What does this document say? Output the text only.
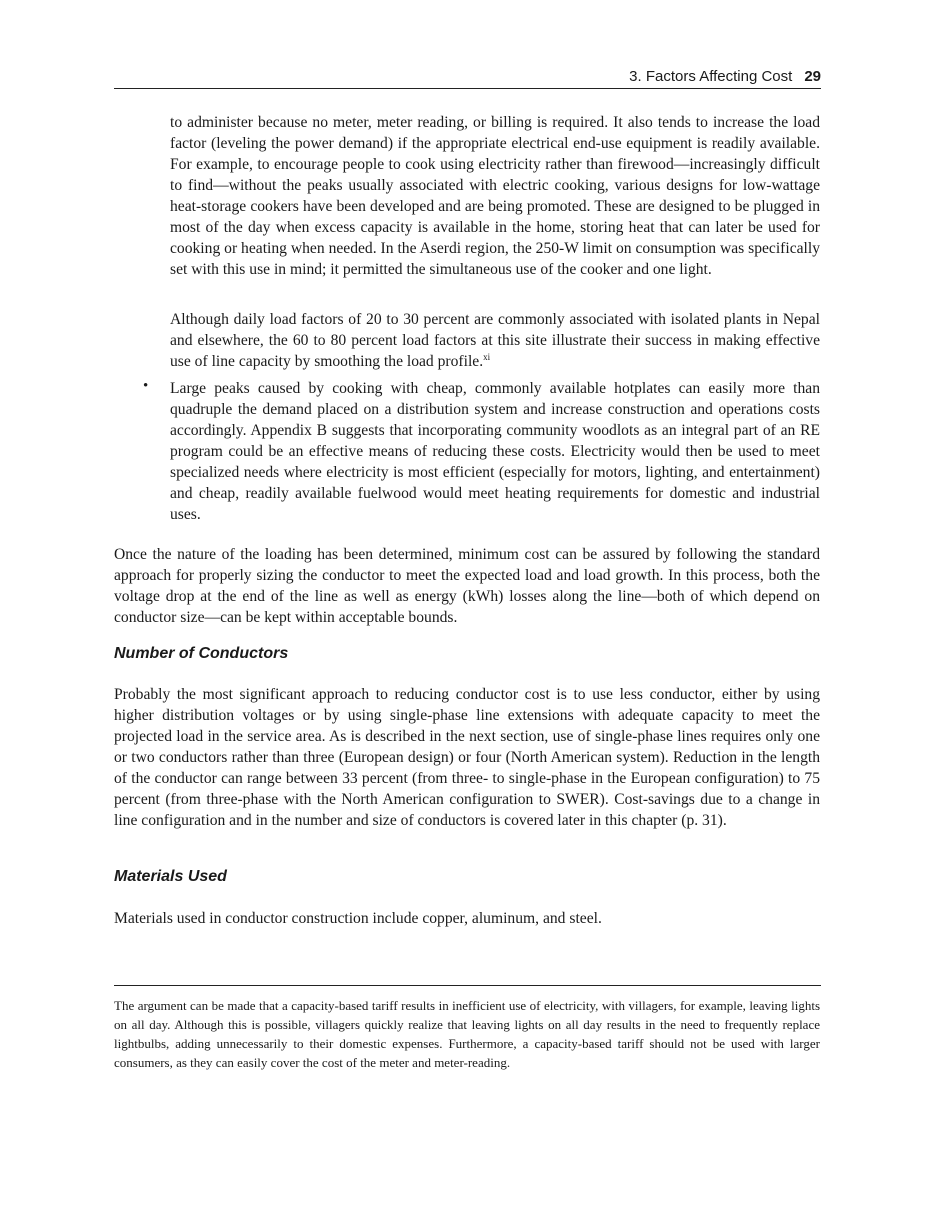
3. Factors Affecting Cost 29

to administer because no meter, meter reading, or billing is required. It also tends to increase the load factor (leveling the power demand) if the appropriate electrical end-use equipment is readily available. For example, to encourage people to cook using electricity rather than firewood—increasingly difficult to find—without the peaks usually associated with electric cooking, various designs for low-wattage heat-storage cookers have been developed and are being promoted. These are designed to be plugged in most of the day when excess capacity is available in the home, storing heat that can later be used for cooking or heating when needed. In the Aserdi region, the 250-W limit on consumption was specifically set with this use in mind; it permitted the simultaneous use of the cooker and one light.

Although daily load factors of 20 to 30 percent are commonly associated with isolated plants in Nepal and elsewhere, the 60 to 80 percent load factors at this site illustrate their success in making effective use of line capacity by smoothing the load profile.$^{xi}$

• Large peaks caused by cooking with cheap, commonly available hotplates can easily more than quadruple the demand placed on a distribution system and increase construction and operations costs accordingly. Appendix B suggests that incorporating community woodlots as an integral part of an RE program could be an effective means of reducing these costs. Electricity would then be used to meet specialized needs where electricity is most efficient (especially for motors, lighting, and entertainment) and cheap, readily available fuelwood would meet heating requirements for domestic and industrial uses.

Once the nature of the loading has been determined, minimum cost can be assured by following the standard approach for properly sizing the conductor to meet the expected load and load growth. In this process, both the voltage drop at the end of the line as well as energy (kWh) losses along the line—both of which depend on conductor size—can be kept within acceptable bounds.

Number of Conductors

Probably the most significant approach to reducing conductor cost is to use less conductor, either by using higher distribution voltages or by using single-phase line extensions with adequate capacity to meet the projected load in the service area. As is described in the next section, use of single-phase lines requires only one or two conductors rather than three (European design) or four (North American system). Reduction in the length of the conductor can range between 33 percent (from three- to single-phase in the European configuration) to 75 percent (from three-phase with the North American configuration to SWER). Cost-savings due to a change in line configuration and in the number and size of conductors is covered later in this chapter (p. 31).

Materials Used

Materials used in conductor construction include copper, aluminum, and steel.

The argument can be made that a capacity-based tariff results in inefficient use of electricity, with villagers, for example, leaving lights on all day. Although this is possible, villagers quickly realize that leaving lights on all day results in the need to frequently replace lightbulbs, adding unnecessarily to their domestic expenses. Furthermore, a capacity-based tariff should not be used with larger consumers, as they can easily cover the cost of the meter and meter-reading.
